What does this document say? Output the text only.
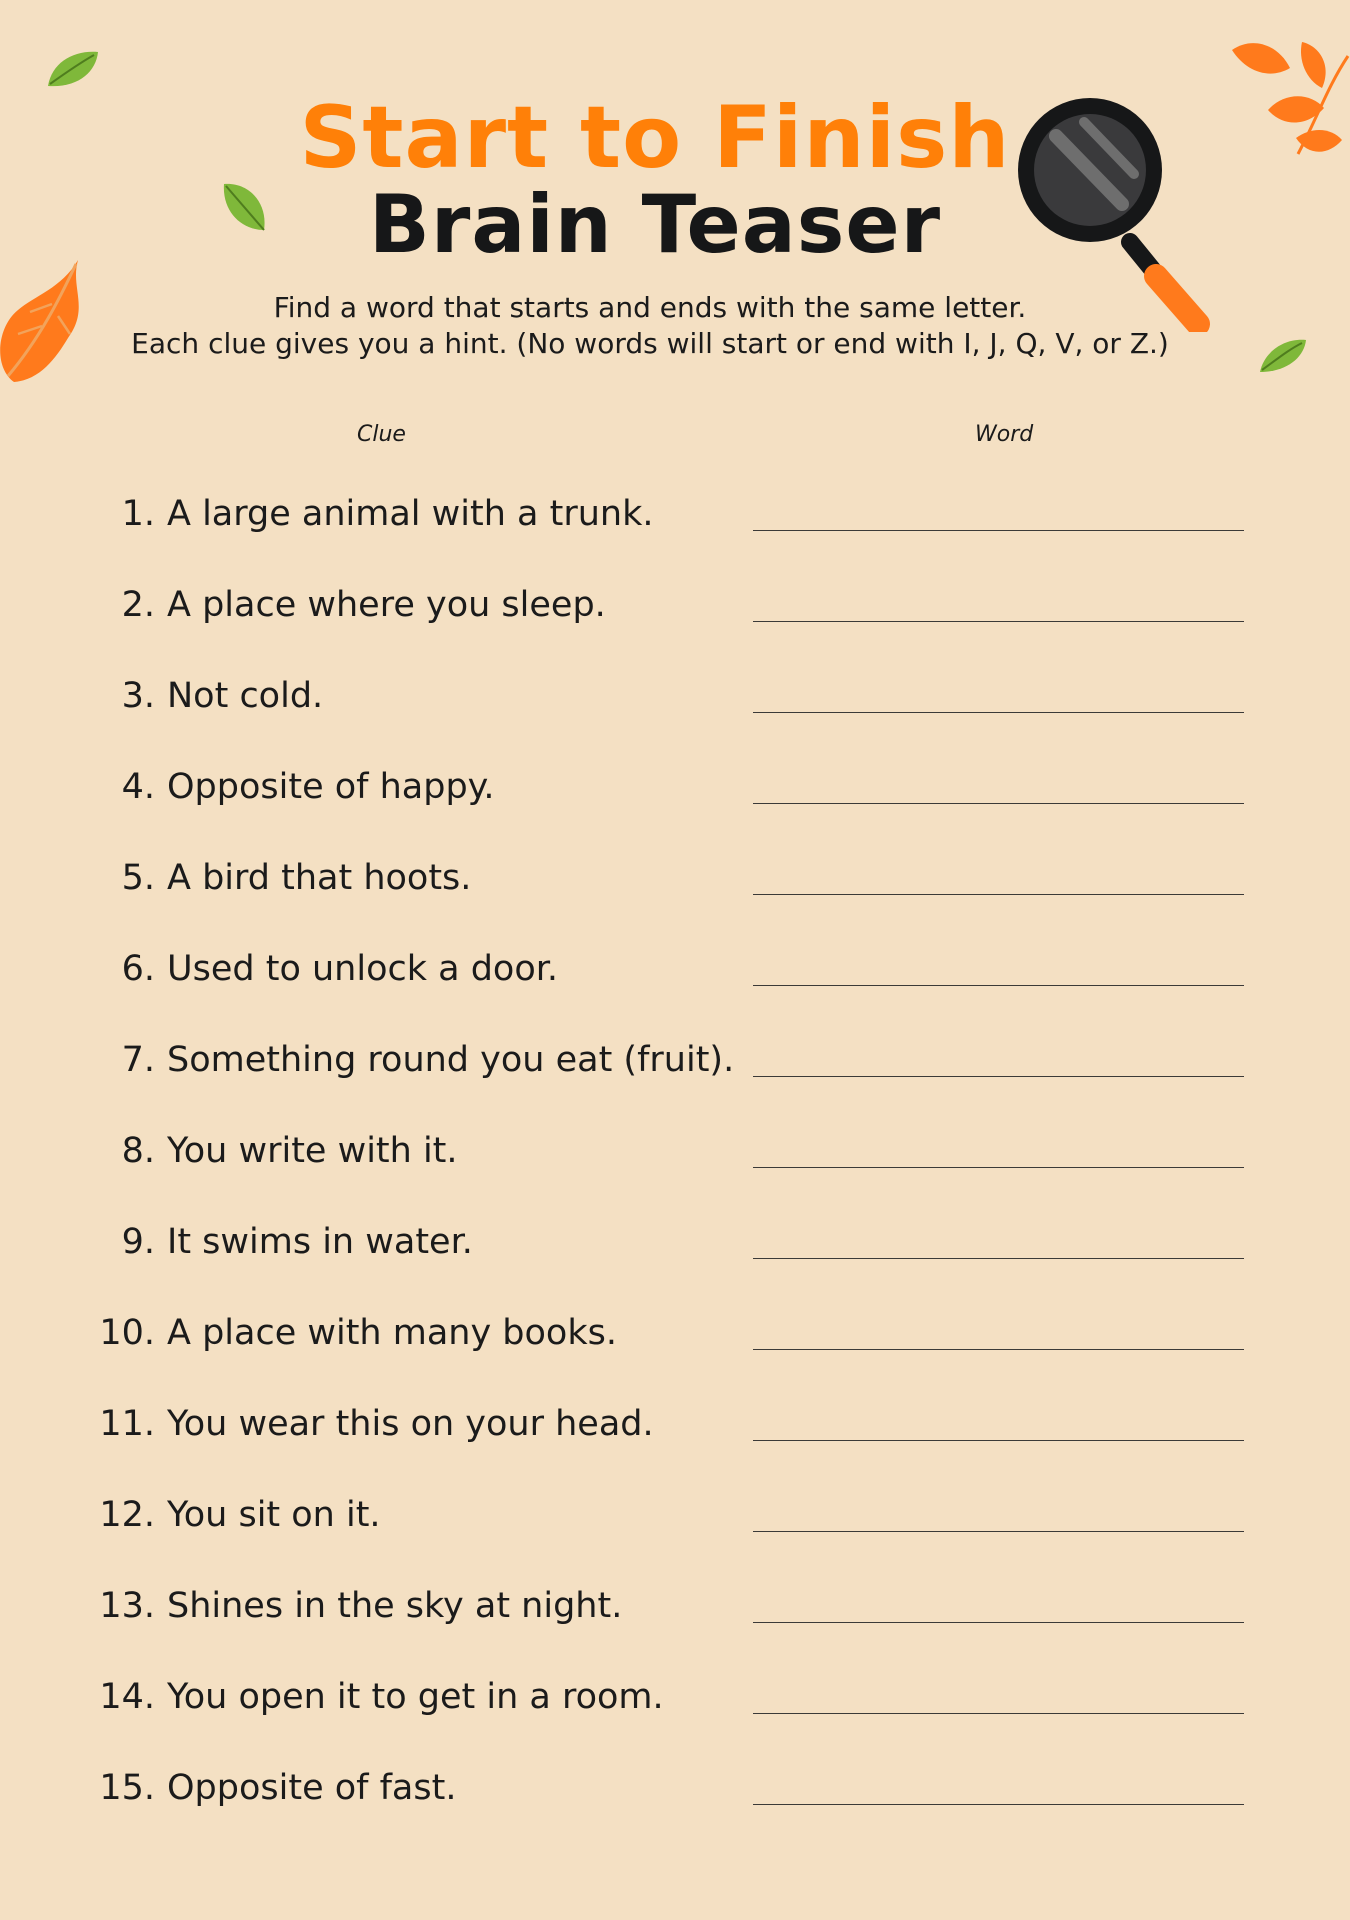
Start to Finish
Brain Teaser
Find a word that starts and ends with the same letter.
Each clue gives you a hint. (No words will start or end with I, J, Q, V, or Z.)
Clue	Word
1. A large animal with a trunk.
2. A place where you sleep.
3. Not cold.
4. Opposite of happy.
5. A bird that hoots.
6. Used to unlock a door.
7. Something round you eat (fruit).
8. You write with it.
9. It swims in water.
10. A place with many books.
11. You wear this on your head.
12. You sit on it.
13. Shines in the sky at night.
14. You open it to get in a room.
15. Opposite of fast.
